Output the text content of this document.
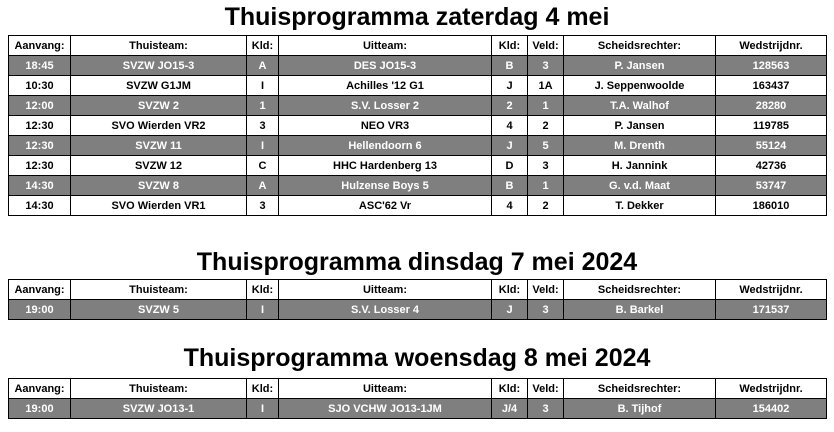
Thuisprogramma zaterdag 4 mei
Aanvang:	Thuisteam:	Kld:	Uitteam:	Kld:	Veld:	Scheidsrechter:	Wedstrijdnr.
18:45	SVZW JO15-3	A	DES JO15-3	B	3	P. Jansen	128563
10:30	SVZW G1JM	I	Achilles '12 G1	J	1A	J. Seppenwoolde	163437
12:00	SVZW 2	1	S.V. Losser 2	2	1	T.A. Walhof	28280
12:30	SVO Wierden VR2	3	NEO VR3	4	2	P. Jansen	119785
12:30	SVZW 11	I	Hellendoorn 6	J	5	M. Drenth	55124
12:30	SVZW 12	C	HHC Hardenberg 13	D	3	H. Jannink	42736
14:30	SVZW 8	A	Hulzense Boys 5	B	1	G. v.d. Maat	53747
14:30	SVO Wierden VR1	3	ASC'62 Vr	4	2	T. Dekker	186010
Thuisprogramma dinsdag 7 mei 2024
Aanvang:	Thuisteam:	Kld:	Uitteam:	Kld:	Veld:	Scheidsrechter:	Wedstrijdnr.
19:00	SVZW 5	I	S.V. Losser 4	J	3	B. Barkel	171537
Thuisprogramma woensdag 8 mei 2024
Aanvang:	Thuisteam:	Kld:	Uitteam:	Kld:	Veld:	Scheidsrechter:	Wedstrijdnr.
19:00	SVZW JO13-1	I	SJO VCHW JO13-1JM	J/4	3	B. Tijhof	154402
